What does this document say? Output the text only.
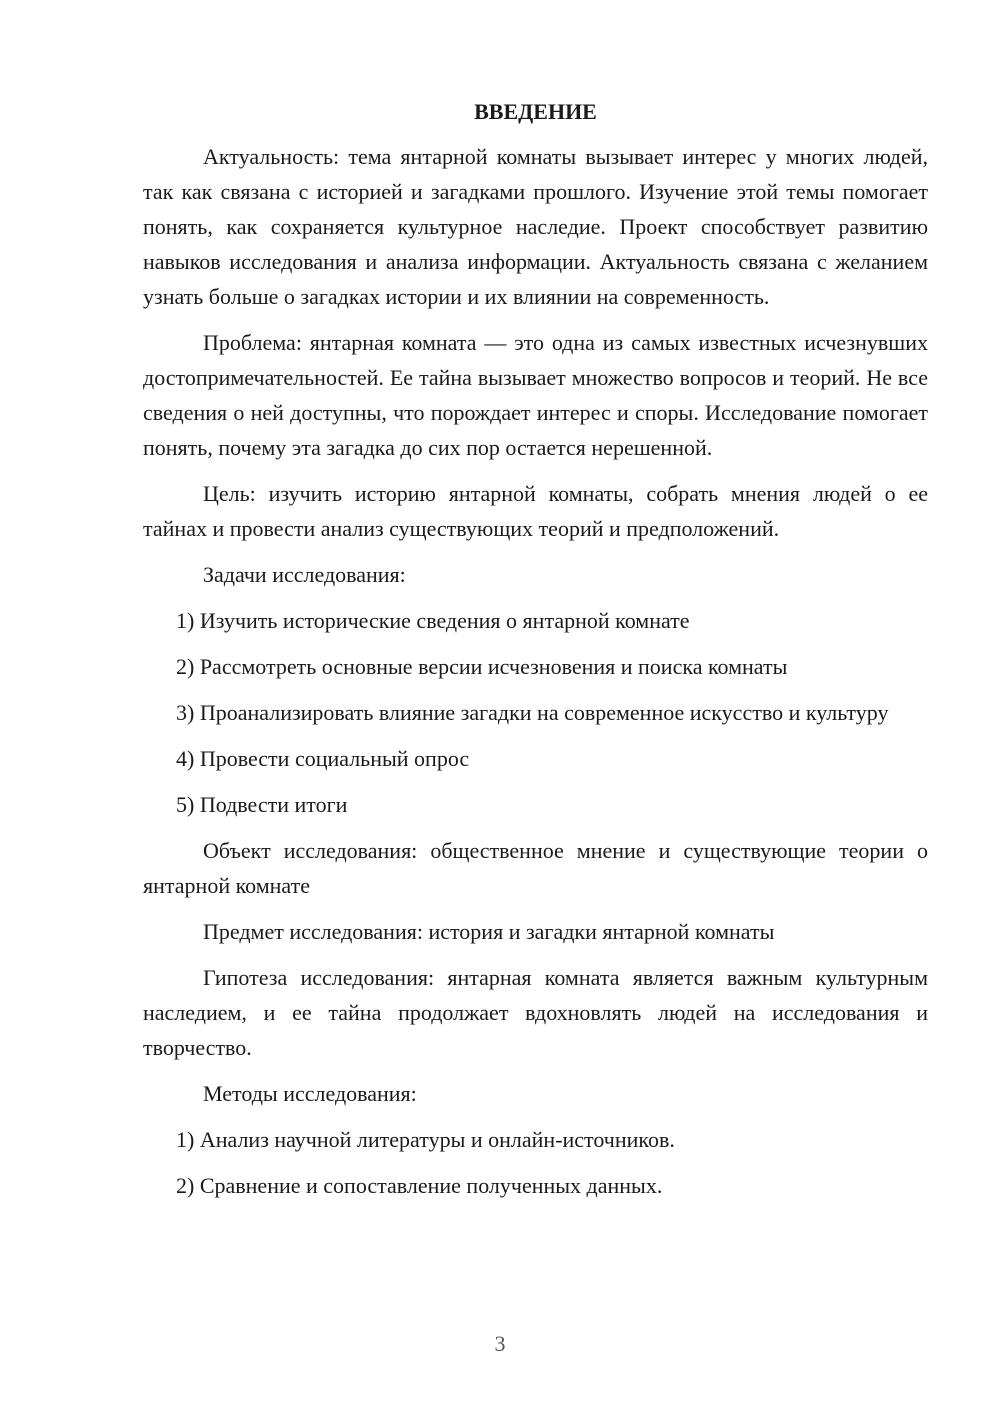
ВВЕДЕНИЕ

Актуальность: тема янтарной комнаты вызывает интерес у многих людей, так как связана с историей и загадками прошлого. Изучение этой темы помогает понять, как сохраняется культурное наследие. Проект способствует развитию навыков исследования и анализа информации. Актуальность связана с желанием узнать больше о загадках истории и их влиянии на современность.

Проблема: янтарная комната — это одна из самых известных исчезнувших достопримечательностей. Ее тайна вызывает множество вопросов и теорий. Не все сведения о ней доступны, что порождает интерес и споры. Исследование помогает понять, почему эта загадка до сих пор остается нерешенной.

Цель: изучить историю янтарной комнаты, собрать мнения людей о ее тайнах и провести анализ существующих теорий и предположений.

Задачи исследования:

1) Изучить исторические сведения о янтарной комнате

2) Рассмотреть основные версии исчезновения и поиска комнаты

3) Проанализировать влияние загадки на современное искусство и культуру

4) Провести социальный опрос

5) Подвести итоги

Объект исследования: общественное мнение и существующие теории о янтарной комнате

Предмет исследования: история и загадки янтарной комнаты

Гипотеза исследования: янтарная комната является важным культурным наследием, и ее тайна продолжает вдохновлять людей на исследования и творчество.

Методы исследования:

1) Анализ научной литературы и онлайн-источников.

2) Сравнение и сопоставление полученных данных.

3
